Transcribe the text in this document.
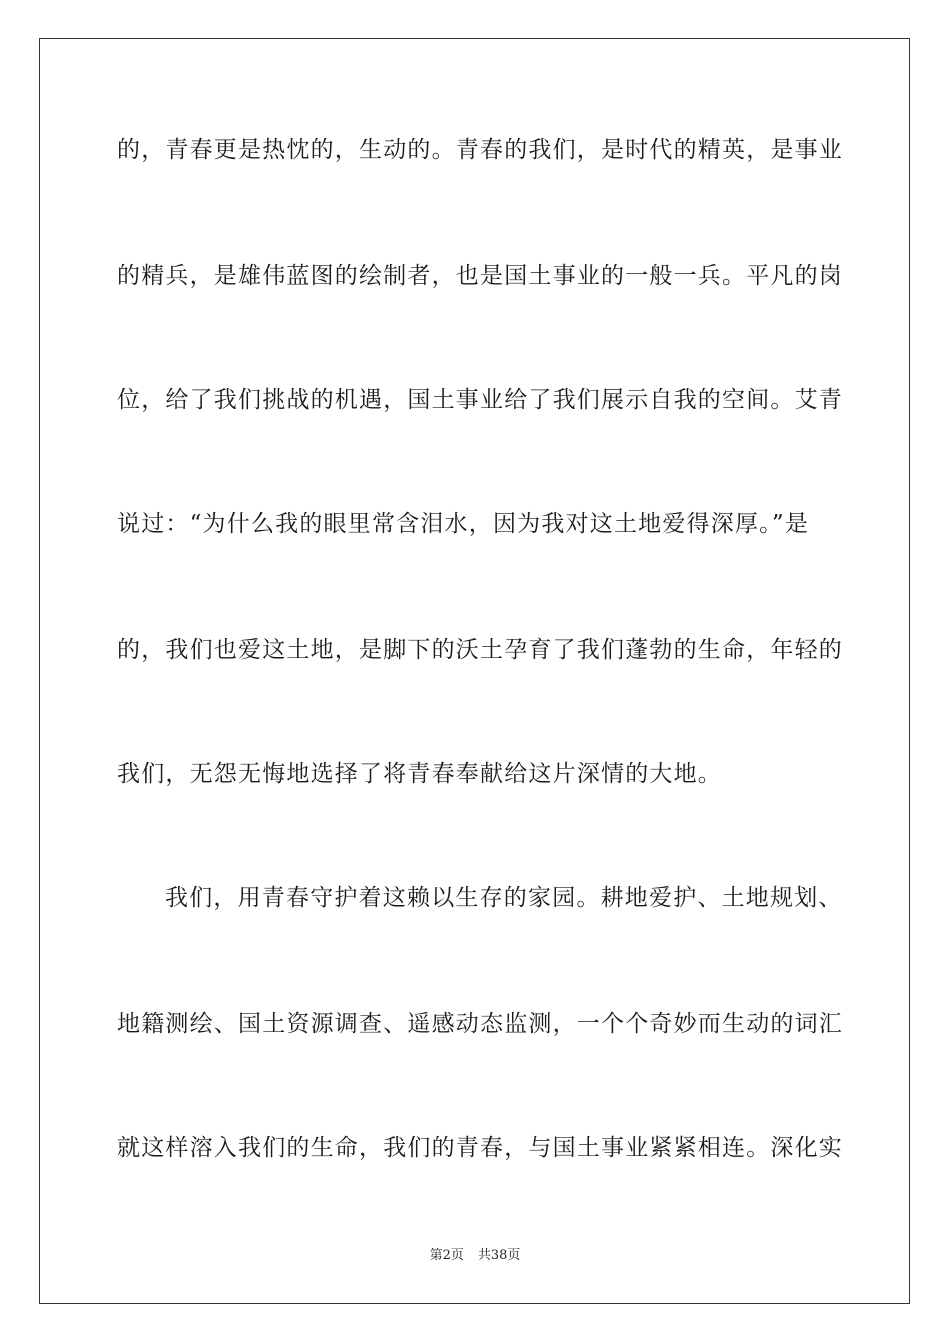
的，青春更是热忱的，生动的。青春的我们，是时代的精英，是事业
的精兵，是雄伟蓝图的绘制者，也是国土事业的一般一兵。平凡的岗
位，给了我们挑战的机遇，国土事业给了我们展示自我的空间。艾青
说过：“为什么我的眼里常含泪水，因为我对这土地爱得深厚。”是
的，我们也爱这土地，是脚下的沃土孕育了我们蓬勃的生命，年轻的
我们，无怨无悔地选择了将青春奉献给这片深情的大地。
我们，用青春守护着这赖以生存的家园。耕地爱护、土地规划、
地籍测绘、国土资源调查、遥感动态监测，一个个奇妙而生动的词汇
就这样溶入我们的生命，我们的青春，与国土事业紧紧相连。深化实
第2页 共38页
